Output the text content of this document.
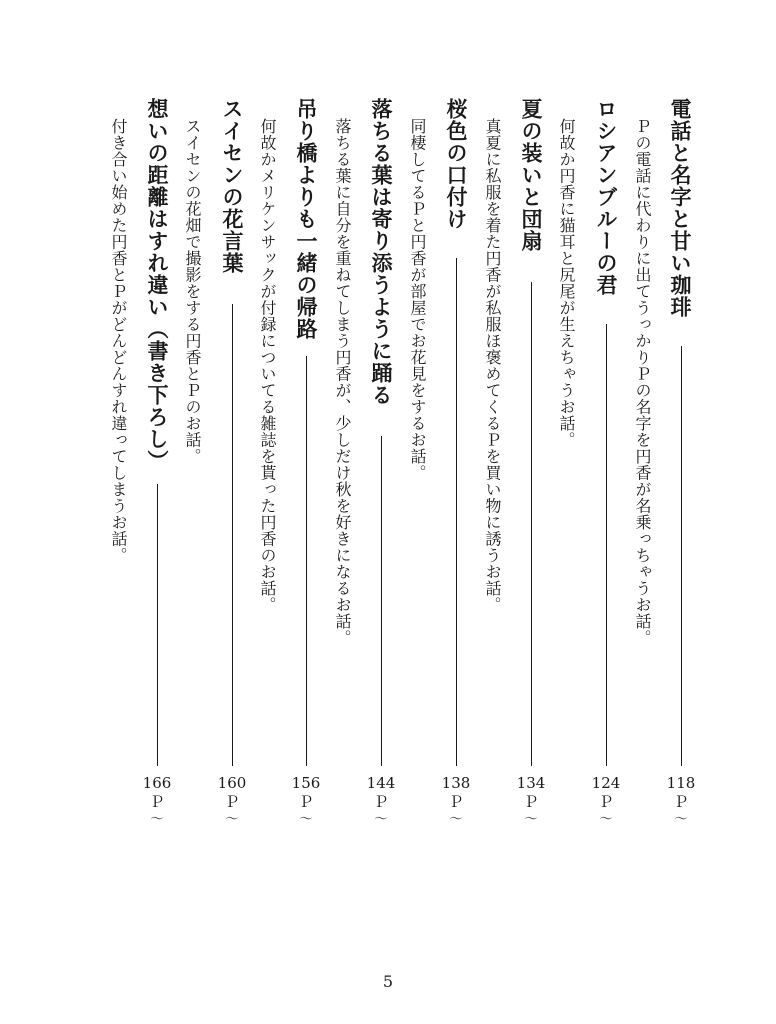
電話と名字と甘い珈琲
Ｐの電話に代わりに出てうっかりＰの名字を円香が名乗っちゃうお話。
118
Ｐ
～
ロシアンブルーの君
何故か円香に猫耳と尻尾が生えちゃうお話。
124
Ｐ
～
夏の装いと団扇
真夏に私服を着た円香が私服ほ褒めてくるＰを買い物に誘うお話。
134
Ｐ
～
桜色の口付け
同棲してるＰと円香が部屋でお花見をするお話。
138
Ｐ
～
落ちる葉は寄り添うように踊る
落ちる葉に自分を重ねてしまう円香が、少しだけ秋を好きになるお話。
144
Ｐ
～
吊り橋よりも一緒の帰路
何故かメリケンサックが付録についてる雑誌を貰った円香のお話。
156
Ｐ
～
スイセンの花言葉
スイセンの花畑で撮影をする円香とＰのお話。
160
Ｐ
～
想いの距離はすれ違い（書き下ろし）
付き合い始めた円香とＰがどんどんすれ違ってしまうお話。
166
Ｐ
～
5
